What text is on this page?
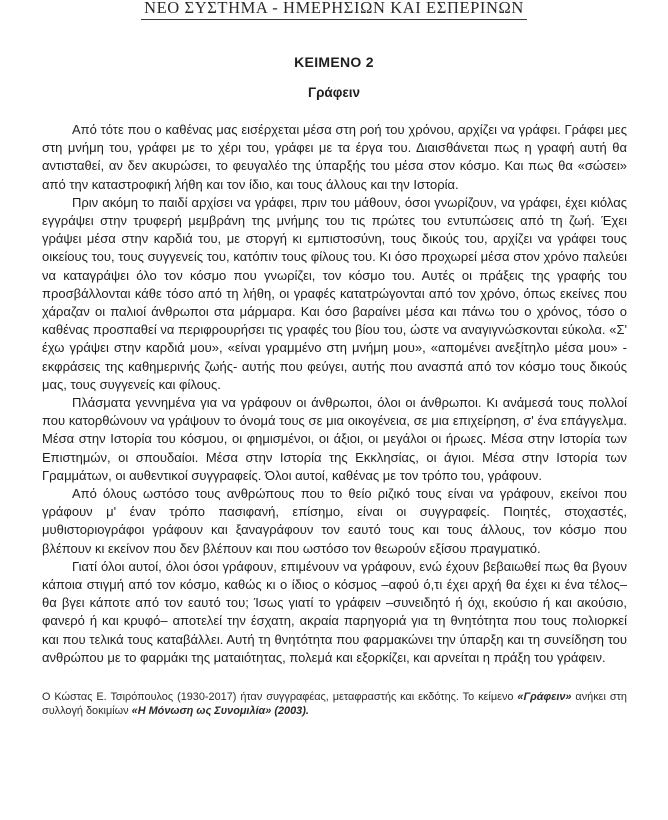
ΝΕΟ ΣΥΣΤΗΜΑ - ΗΜΕΡΗΣΙΩΝ ΚΑΙ ΕΣΠΕΡΙΝΩΝ
ΚΕΙΜΕΝΟ 2
Γράφειν

Από τότε που ο καθένας μας εισέρχεται μέσα στη ροή του χρόνου, αρχίζει να γράφει. Γράφει μες στη μνήμη του, γράφει με το χέρι του, γράφει με τα έργα του. Διαισθάνεται πως η γραφή αυτή θα αντισταθεί, αν δεν ακυρώσει, το φευγαλέο της ύπαρξής του μέσα στον κόσμο. Και πως θα «σώσει» από την καταστροφική λήθη και τον ίδιο, και τους άλλους και την Ιστορία.

Πριν ακόμη το παιδί αρχίσει να γράφει, πριν του μάθουν, όσοι γνωρίζουν, να γράφει, έχει κιόλας εγγράψει στην τρυφερή μεμβράνη της μνήμης του τις πρώτες του εντυπώσεις από τη ζωή. Έχει γράψει μέσα στην καρδιά του, με στοργή κι εμπιστοσύνη, τους δικούς του, αρχίζει να γράφει τους οικείους του, τους συγγενείς του, κατόπιν τους φίλους του. Κι όσο προχωρεί μέσα στον χρόνο παλεύει να καταγράψει όλο τον κόσμο που γνωρίζει, τον κόσμο του. Αυτές οι πράξεις της γραφής του προσβάλλονται κάθε τόσο από τη λήθη, οι γραφές κατατρώγονται από τον χρόνο, όπως εκείνες που χάραζαν οι παλιοί άνθρωποι στα μάρμαρα. Και όσο βαραίνει μέσα και πάνω του ο χρόνος, τόσο ο καθένας προσπαθεί να περιφρουρήσει τις γραφές του βίου του, ώστε να αναγιγνώσκονται εύκολα. «Σ' έχω γράψει στην καρδιά μου», «είναι γραμμένο στη μνήμη μου», «απομένει ανεξίτηλο μέσα μου» - εκφράσεις της καθημερινής ζωής- αυτής που φεύγει, αυτής που ανασπά από τον κόσμο τους δικούς μας, τους συγγενείς και φίλους.

Πλάσματα γεννημένα για να γράφουν οι άνθρωποι, όλοι οι άνθρωποι. Κι ανάμεσά τους πολλοί που κατορθώνουν να γράψουν το όνομά τους σε μια οικογένεια, σε μια επιχείρηση, σ' ένα επάγγελμα. Μέσα στην Ιστορία του κόσμου, οι φημισμένοι, οι άξιοι, οι μεγάλοι οι ήρωες. Μέσα στην Ιστορία των Επιστημών, οι σπουδαίοι. Μέσα στην Ιστορία της Εκκλησίας, οι άγιοι. Μέσα στην Ιστορία των Γραμμάτων, οι αυθεντικοί συγγραφείς. Όλοι αυτοί, καθένας με τον τρόπο του, γράφουν.

Από όλους ωστόσο τους ανθρώπους που το θείο ριζικό τους είναι να γράφουν, εκείνοι που γράφουν μ' έναν τρόπο πασιφανή, επίσημο, είναι οι συγγραφείς. Ποιητές, στοχαστές, μυθιστοριογράφοι γράφουν και ξαναγράφουν τον εαυτό τους και τους άλλους, τον κόσμο που βλέπουν κι εκείνον που δεν βλέπουν και που ωστόσο τον θεωρούν εξίσου πραγματικό.

Γιατί όλοι αυτοί, όλοι όσοι γράφουν, επιμένουν να γράφουν, ενώ έχουν βεβαιωθεί πως θα βγουν κάποια στιγμή από τον κόσμο, καθώς κι ο ίδιος ο κόσμος –αφού ό,τι έχει αρχή θα έχει κι ένα τέλος– θα βγει κάποτε από τον εαυτό του; Ίσως γιατί το γράφειν –συνειδητό ή όχι, εκούσιο ή και ακούσιο, φανερό ή και κρυφό– αποτελεί την έσχατη, ακραία παρηγοριά για τη θνητότητα που τους πολιορκεί και που τελικά τους καταβάλλει. Αυτή τη θνητότητα που φαρμακώνει την ύπαρξη και τη συνείδηση του ανθρώπου με το φαρμάκι της ματαιότητας, πολεμά και εξορκίζει, και αρνείται η πράξη του γράφειν.

Ο Κώστας Ε. Τσιρόπουλος (1930-2017) ήταν συγγραφέας, μεταφραστής και εκδότης. Το κείμενο «Γράφειν» ανήκει στη συλλογή δοκιμίων «Η Μόνωση ως Συνομιλία» (2003).
